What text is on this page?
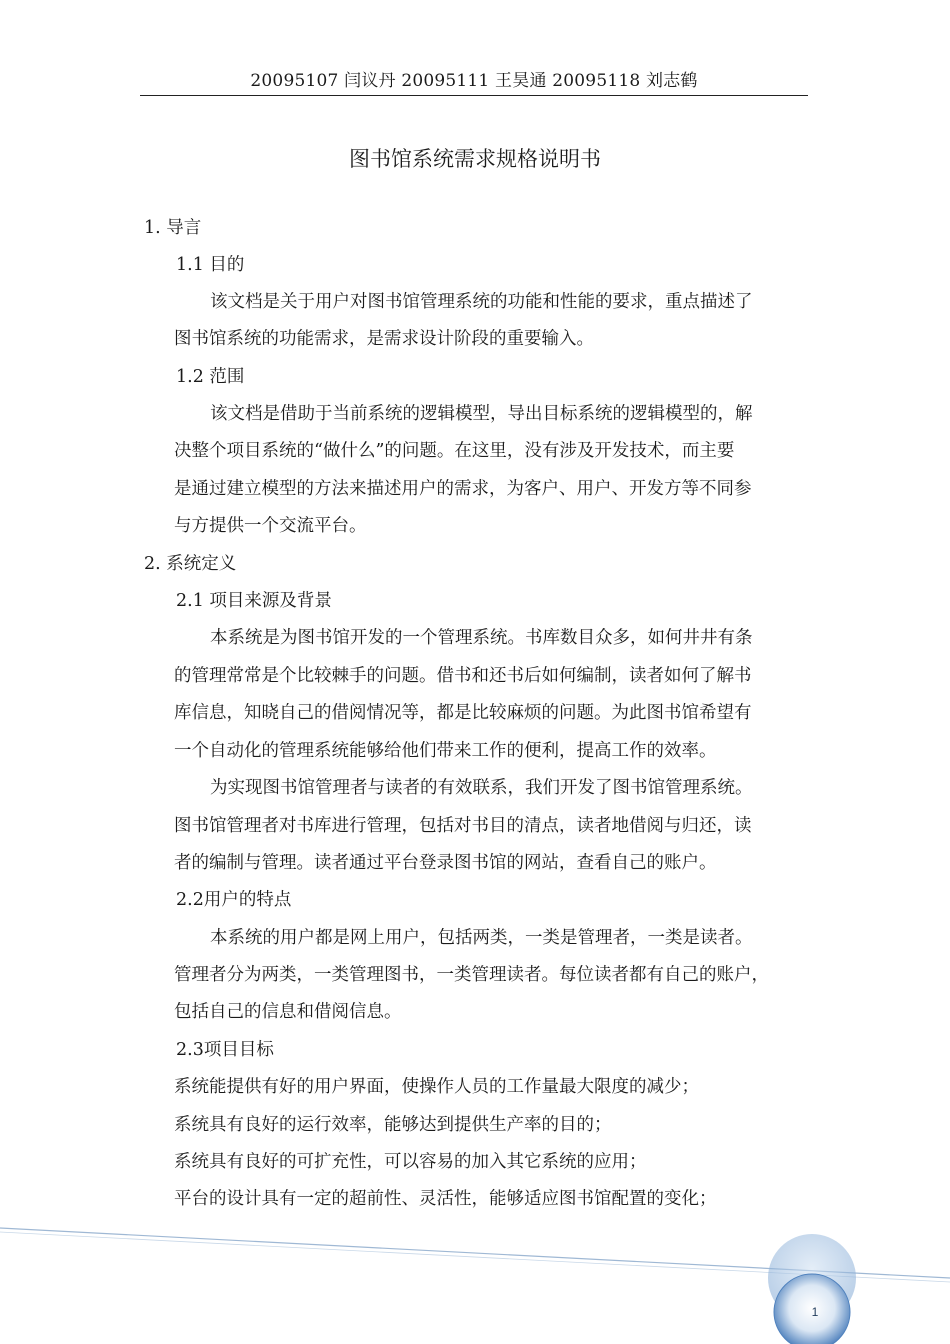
20095107 闫议丹 20095111 王昊通 20095118 刘志鹤
图书馆系统需求规格说明书
1. 导言
1.1 目的
该文档是关于用户对图书馆管理系统的功能和性能的要求，重点描述了
图书馆系统的功能需求，是需求设计阶段的重要输入。
1.2 范围
该文档是借助于当前系统的逻辑模型，导出目标系统的逻辑模型的，解
决整个项目系统的“做什么”的问题。在这里，没有涉及开发技术，而主要
是通过建立模型的方法来描述用户的需求，为客户、用户、开发方等不同参
与方提供一个交流平台。
2. 系统定义
2.1 项目来源及背景
本系统是为图书馆开发的一个管理系统。书库数目众多，如何井井有条
的管理常常是个比较棘手的问题。借书和还书后如何编制，读者如何了解书
库信息，知晓自己的借阅情况等，都是比较麻烦的问题。为此图书馆希望有
一个自动化的管理系统能够给他们带来工作的便利，提高工作的效率。
为实现图书馆管理者与读者的有效联系，我们开发了图书馆管理系统。
图书馆管理者对书库进行管理，包括对书目的清点，读者地借阅与归还，读
者的编制与管理。读者通过平台登录图书馆的网站，查看自己的账户。
2.2用户的特点
本系统的用户都是网上用户，包括两类，一类是管理者，一类是读者。
管理者分为两类，一类管理图书，一类管理读者。每位读者都有自己的账户，
包括自己的信息和借阅信息。
2.3项目目标
系统能提供有好的用户界面，使操作人员的工作量最大限度的减少；
系统具有良好的运行效率，能够达到提供生产率的目的；
系统具有良好的可扩充性，可以容易的加入其它系统的应用；
平台的设计具有一定的超前性、灵活性，能够适应图书馆配置的变化；
1
